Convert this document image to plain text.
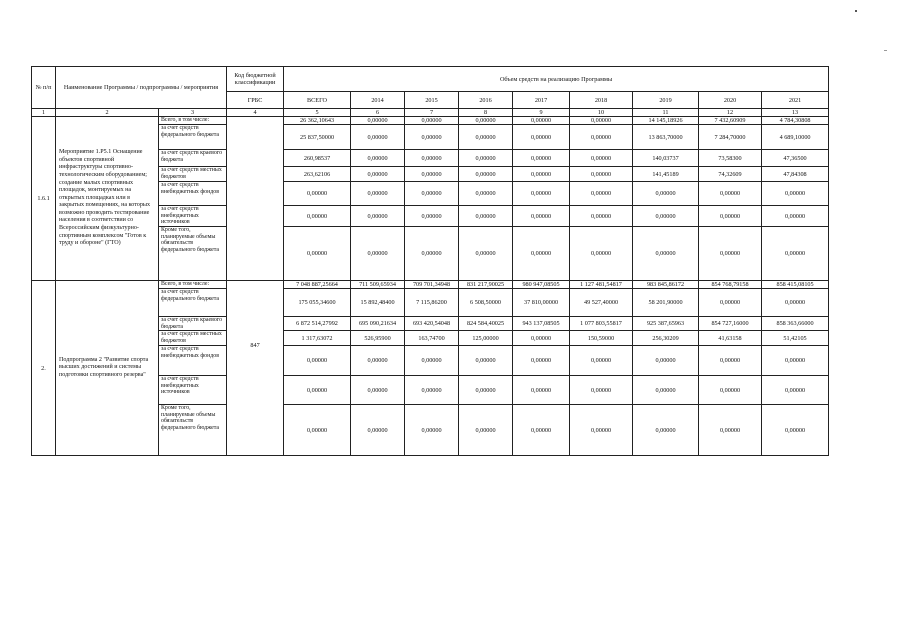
№ п/п	Наименование Программы / подпрограммы / мероприятия		Код бюджетной классификации	Объем средств на реализацию Программы								
			ГРБС	ВСЕГО	2014	2015	2016	2017	2018	2019	2020	2021
1	2	3	4	5	6	7	8	9	10	11	12	13
1.6.1	Мероприятие 1.Р5.1 Оснащение объектов спортивной инфраструктуры спортивно-технологическим оборудованием; создание малых спортивных площадок, монтируемых на открытых площадках или в закрытых помещениях, на которых возможно проводить тестирование населения в соответствии со Всероссийским физкультурно-спортивным комплексом "Готов к труду и обороне" (ГТО)	Всего, в том числе:		26 362,10643	0,00000	0,00000	0,00000	0,00000	0,00000	14 145,18926	7 432,60909	4 784,30808
		за счет средств федерального бюджета		25 837,50000	0,00000	0,00000	0,00000	0,00000	0,00000	13 863,70000	7 284,70000	4 689,10000
		за счет средств краевого бюджета		260,98537	0,00000	0,00000	0,00000	0,00000	0,00000	140,03737	73,58300	47,36500
		за счет средств местных бюджетов		263,62106	0,00000	0,00000	0,00000	0,00000	0,00000	141,45189	74,32609	47,84308
		за счет средств внебюджетных фондов		0,00000	0,00000	0,00000	0,00000	0,00000	0,00000	0,00000	0,00000	0,00000
		за счет средств внебюджетных источников		0,00000	0,00000	0,00000	0,00000	0,00000	0,00000	0,00000	0,00000	0,00000
		Кроме того, планируемые объемы обязательств федерального бюджета		0,00000	0,00000	0,00000	0,00000	0,00000	0,00000	0,00000	0,00000	0,00000
2.	Подпрограмма 2 "Развитие спорта высших достижений и системы подготовки спортивного резерва"	Всего, в том числе:	847	7 048 887,25664	711 509,65934	709 701,34948	831 217,90025	980 947,08505	1 127 481,54817	983 845,86172	854 768,79158	858 415,08105
		за счет средств федерального бюджета		175 055,34600	15 892,48400	7 115,86200	6 508,50000	37 810,00000	49 527,40000	58 201,90000	0,00000	0,00000
		за счет средств краевого бюджета		6 872 514,27992	695 090,21634	693 420,54048	824 584,40025	943 137,08505	1 077 803,55817	925 387,65963	854 727,16000	858 363,66000
		за счет средств местных бюджетов		1 317,63072	526,95900	163,74700	125,00000	0,00000	150,59000	256,30209	41,63158	51,42105
		за счет средств внебюджетных фондов		0,00000	0,00000	0,00000	0,00000	0,00000	0,00000	0,00000	0,00000	0,00000
		за счет средств внебюджетных источников		0,00000	0,00000	0,00000	0,00000	0,00000	0,00000	0,00000	0,00000	0,00000
		Кроме того, планируемые объемы обязательств федерального бюджета		0,00000	0,00000	0,00000	0,00000	0,00000	0,00000	0,00000	0,00000	0,00000
